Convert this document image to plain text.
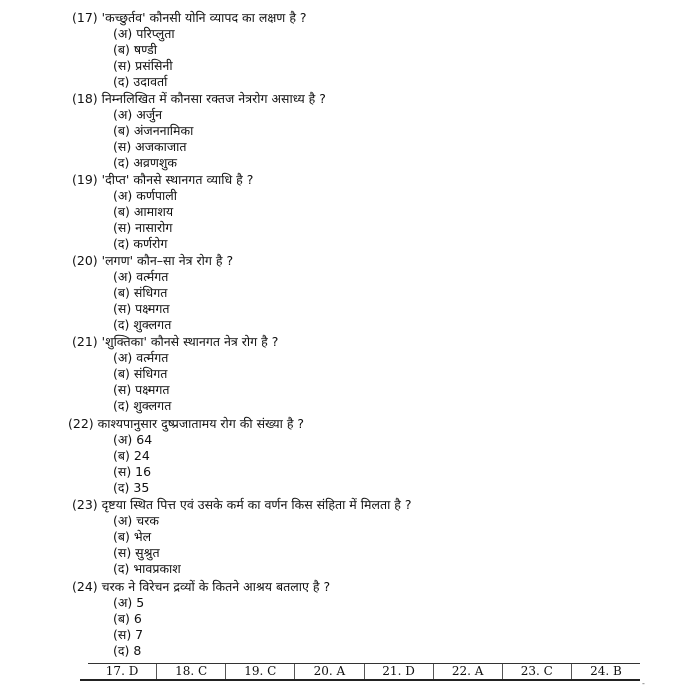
(17) 'कच्छुर्तव' कौनसी योनि व्यापद का लक्षण है ?
(अ) परिप्लुता
(ब) षण्डी
(स) प्रसंसिनी
(द) उदावर्ता
(18) निम्नलिखित में कौनसा रक्तज नेत्ररोग असाध्य है ?
(अ) अर्जुन
(ब) अंजननामिका
(स) अजकाजात
(द) अव्रणशुक
(19) 'दीप्त' कौनसे स्थानगत व्याधि है ?
(अ) कर्णपाली
(ब) आमाशय
(स) नासारोग
(द) कर्णरोग
(20) 'लगण' कौन–सा नेत्र रोग है ?
(अ) वर्त्मगत
(ब) संधिगत
(स) पक्ष्मगत
(द) शुक्लगत
(21) 'शुक्तिका' कौनसे स्थानगत नेत्र रोग है ?
(अ) वर्त्मगत
(ब) संधिगत
(स) पक्ष्मगत
(द) शुक्लगत
(22) काश्यपानुसार दुष्प्रजातामय रोग की संख्या है ?
(अ) 64
(ब) 24
(स) 16
(द) 35
(23) दृष्टया स्थित पित्त एवं उसके कर्म का वर्णन किस संहिता में मिलता है ?
(अ) चरक
(ब) भेल
(स) सुश्रुत
(द) भावप्रकाश
(24) चरक ने विरेचन द्रव्यों के कितने आश्रय बतलाए है ?
(अ) 5
(ब) 6
(स) 7
(द) 8
17. D	18. C	19. C	20. A	21. D	22. A	23. C	24. B
-
